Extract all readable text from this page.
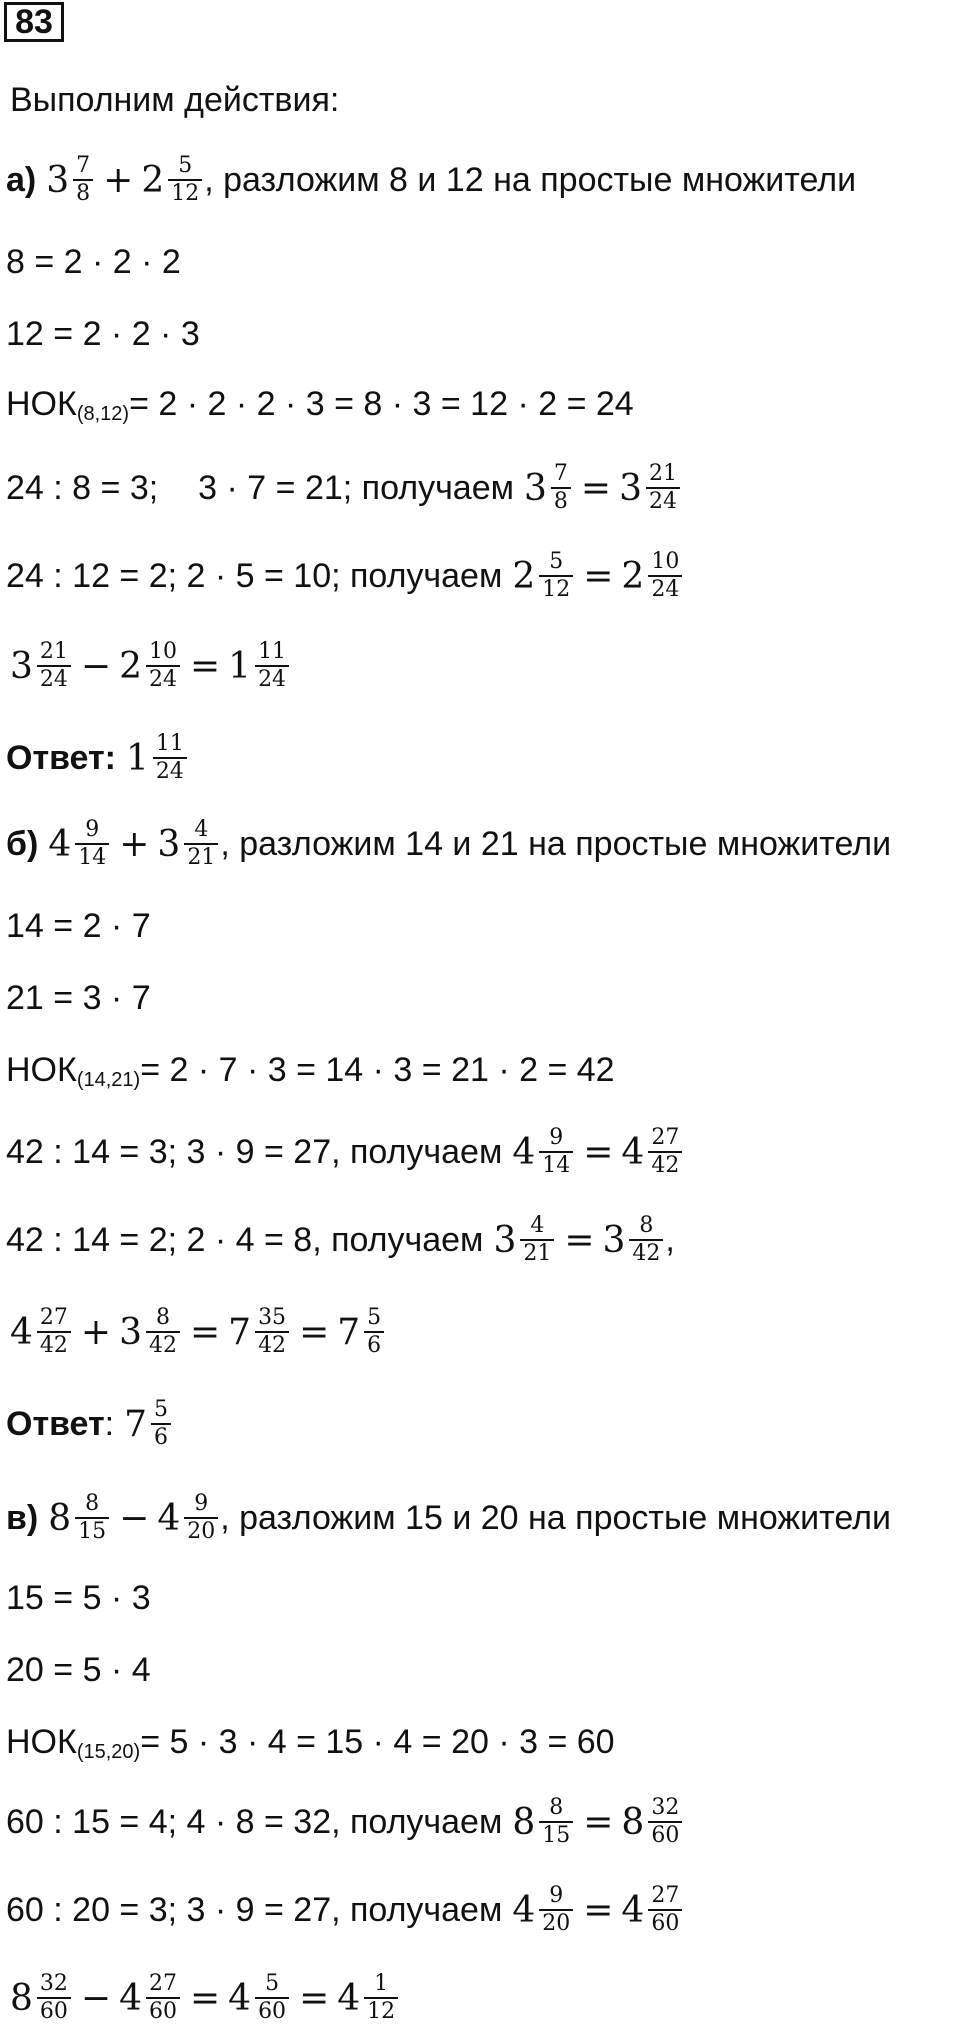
83
Выполним действия:
а) $3 \frac{7}{8} + 2 \frac{5}{12}$ , разложим 8 и 12 на простые множители
8 = 2 · 2 · 2
12 = 2 · 2 · 3
НОК (8,12) = 2 · 2 · 2 · 3 = 8 · 3 = 12 · 2 = 24
24 : 8 = 3; 3 · 7 = 21; получаем $3 \frac{7}{8} = 3 \frac{21}{24}$
24 : 12 = 2; 2 · 5 = 10; получаем $2 \frac{5}{12} = 2 \frac{10}{24}$
$3 \frac{21}{24} - 2 \frac{10}{24} = 1 \frac{11}{24}$
Ответ: $1 \frac{11}{24}$
б) $4 \frac{9}{14} + 3 \frac{4}{21}$ , разложим 14 и 21 на простые множители
14 = 2 · 7
21 = 3 · 7
НОК (14,21) = 2 · 7 · 3 = 14 · 3 = 21 · 2 = 42
42 : 14 = 3; 3 · 9 = 27, получаем $4 \frac{9}{14} = 4 \frac{27}{42}$
42 : 14 = 2; 2 · 4 = 8, получаем $3 \frac{4}{21} = 3 \frac{8}{42}$ ,
$4 \frac{27}{42} + 3 \frac{8}{42} = 7 \frac{35}{42} = 7 \frac{5}{6}$
Ответ : $7 \frac{5}{6}$
в) $8 \frac{8}{15} - 4 \frac{9}{20}$ , разложим 15 и 20 на простые множители
15 = 5 · 3
20 = 5 · 4
НОК (15,20) = 5 · 3 · 4 = 15 · 4 = 20 · 3 = 60
60 : 15 = 4; 4 · 8 = 32, получаем $8 \frac{8}{15} = 8 \frac{32}{60}$
60 : 20 = 3; 3 · 9 = 27, получаем $4 \frac{9}{20} = 4 \frac{27}{60}$
$8 \frac{32}{60} - 4 \frac{27}{60} = 4 \frac{5}{60} = 4 \frac{1}{12}$
